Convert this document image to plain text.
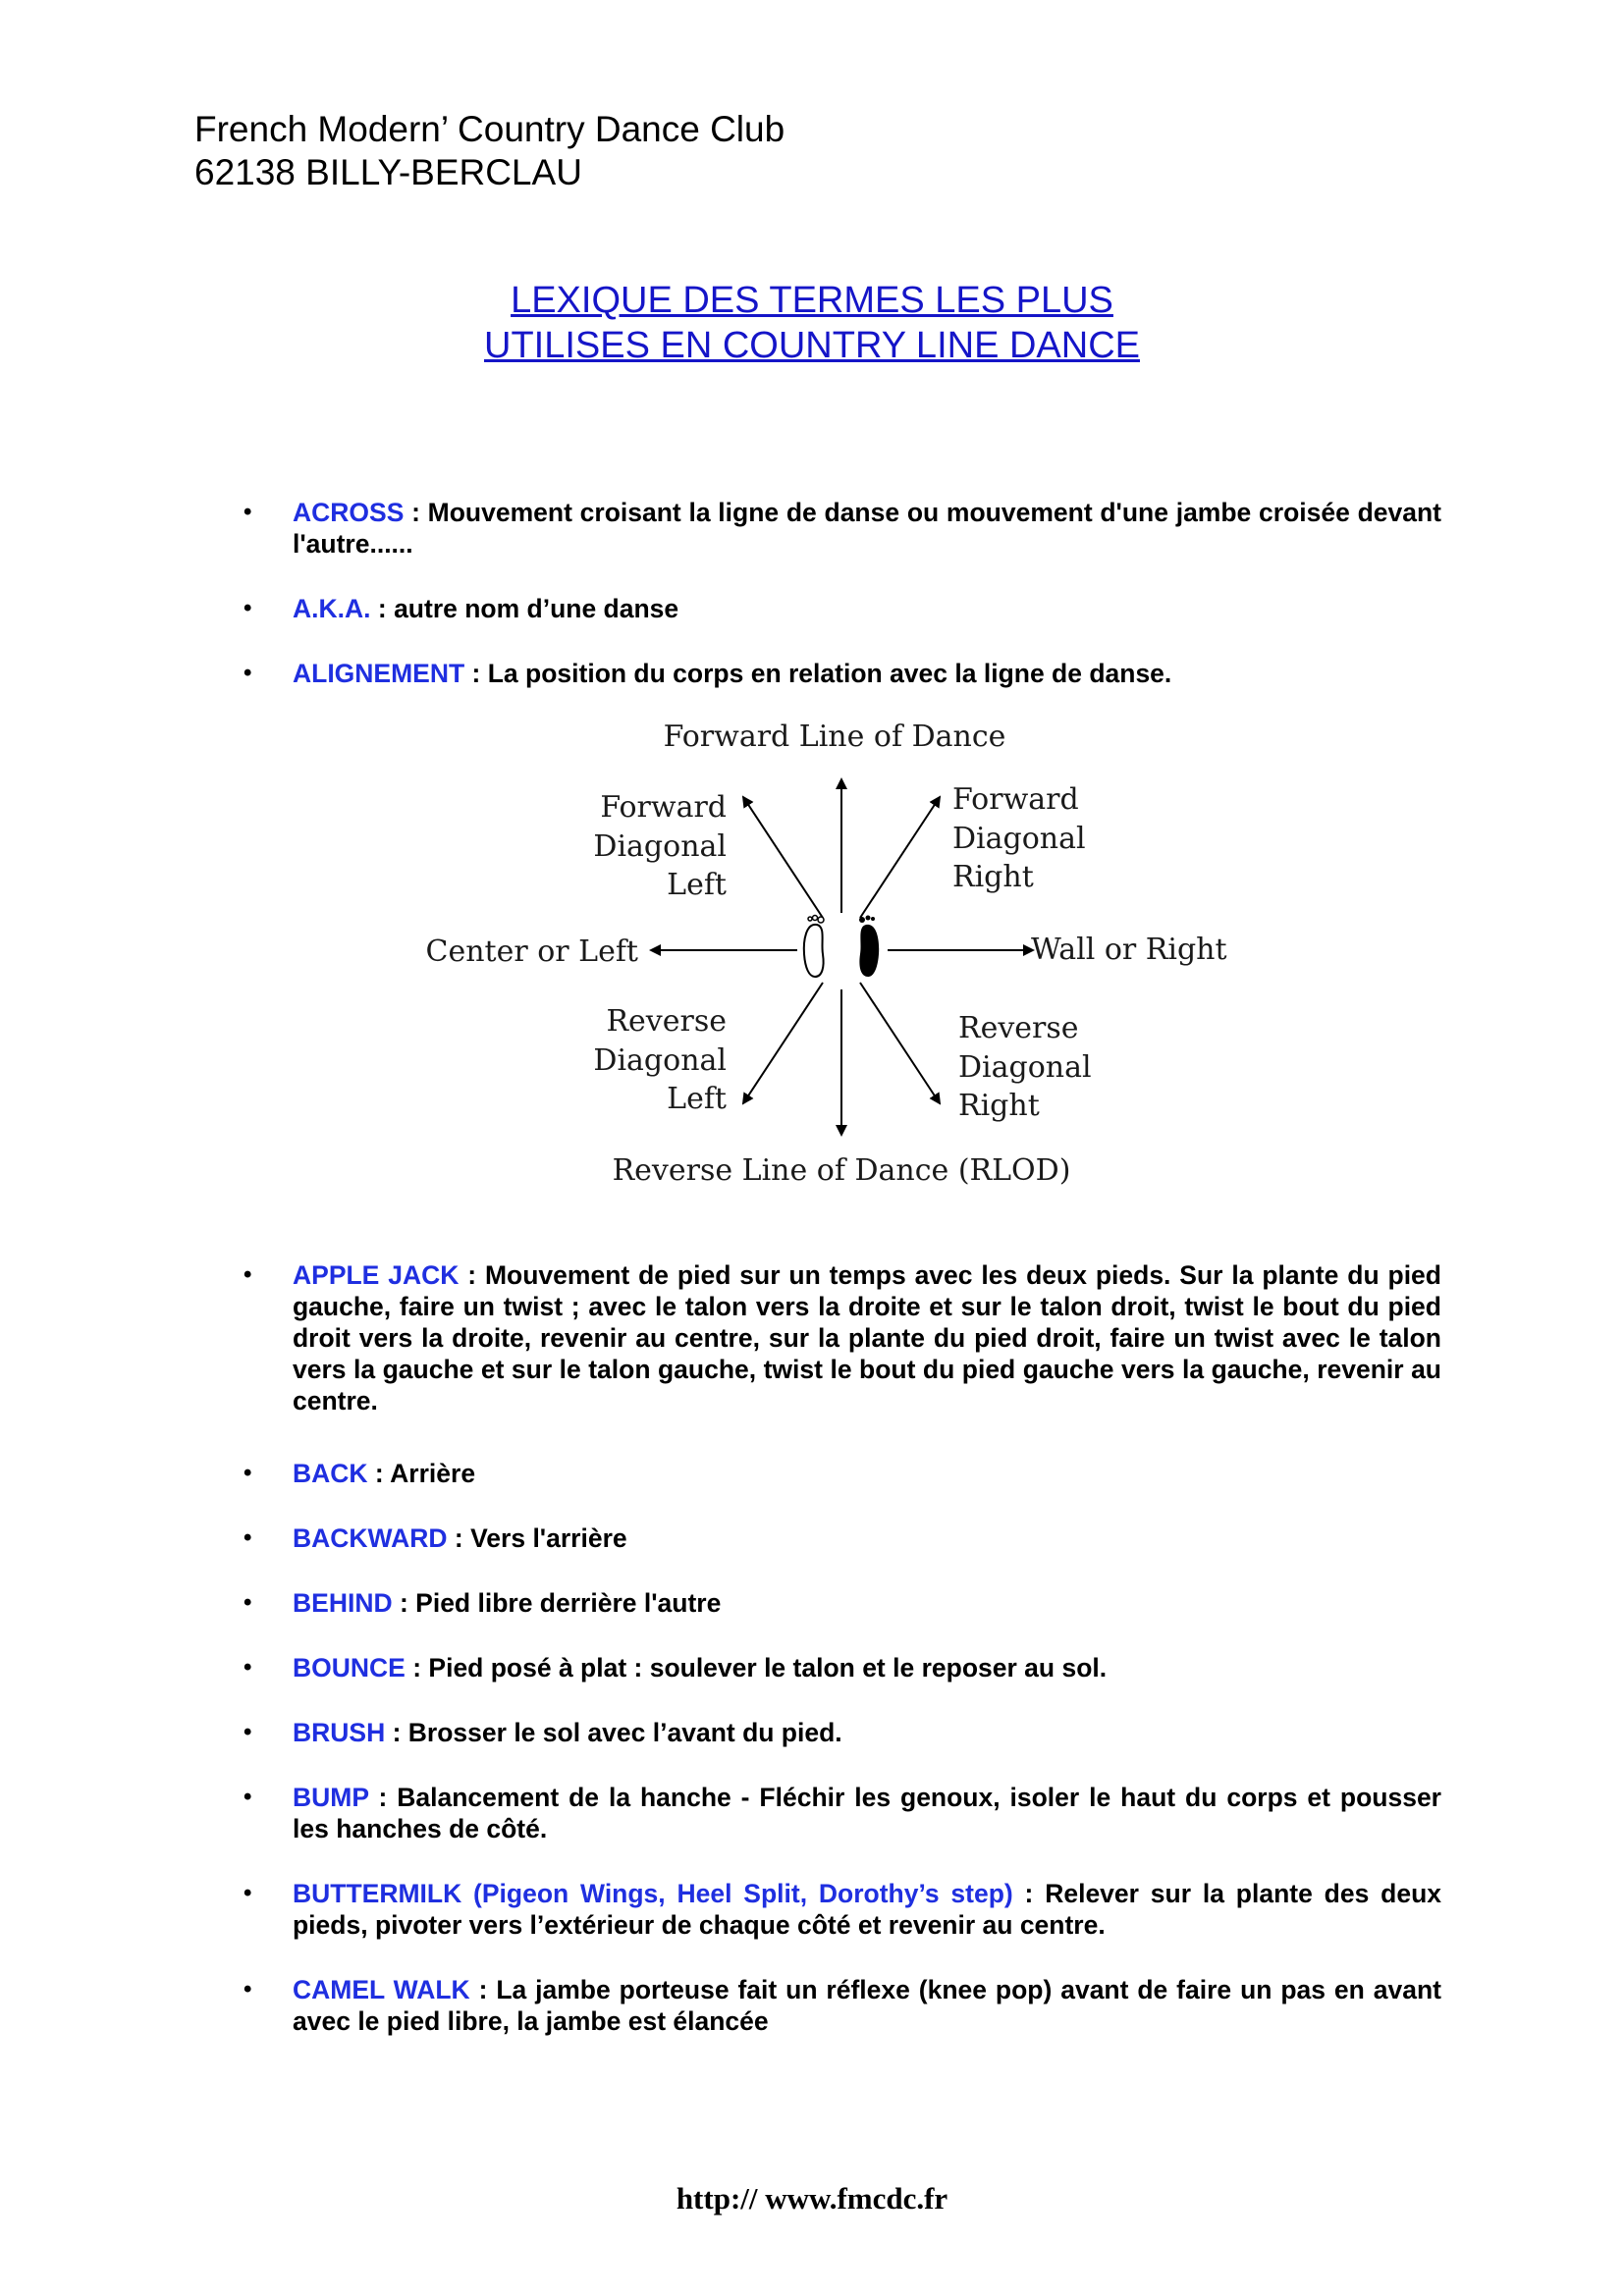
French Modern’ Country Dance Club
62138 BILLY-BERCLAU
LEXIQUE DES TERMES LES PLUS
UTILISES EN COUNTRY LINE DANCE
• ACROSS : Mouvement croisant la ligne de danse ou mouvement d'une jambe croisée devant l'autre......
• A.K.A. : autre nom d’une danse
• ALIGNEMENT : La position du corps en relation avec la ligne de danse.
Forward Line of Dance
Reverse Line of Dance (RLOD)
Center or Left	Wall or Right
Forward
Diagonal
Left
Forward
Diagonal
Right
Reverse
Diagonal
Left
Reverse
Diagonal
Right
• APPLE JACK : Mouvement de pied sur un temps avec les deux pieds. Sur la plante du pied gauche, faire un twist ; avec le talon vers la droite et sur le talon droit, twist le bout du pied droit vers la droite, revenir au centre, sur la plante du pied droit, faire un twist avec le talon vers la gauche et sur le talon gauche, twist le bout du pied gauche vers la gauche, revenir au centre.
• BACK : Arrière
• BACKWARD : Vers l'arrière
• BEHIND : Pied libre derrière l'autre
• BOUNCE : Pied posé à plat : soulever le talon et le reposer au sol.
• BRUSH : Brosser le sol avec l’avant du pied.
• BUMP : Balancement de la hanche - Fléchir les genoux, isoler le haut du corps et pousser les hanches de côté.
• BUTTERMILK (Pigeon Wings, Heel Split, Dorothy’s step) : Relever sur la plante des deux pieds, pivoter vers l’extérieur de chaque côté et revenir au centre.
• CAMEL WALK : La jambe porteuse fait un réflexe (knee pop) avant de faire un pas en avant avec le pied libre, la jambe est élancée
http:// www.fmcdc.fr
